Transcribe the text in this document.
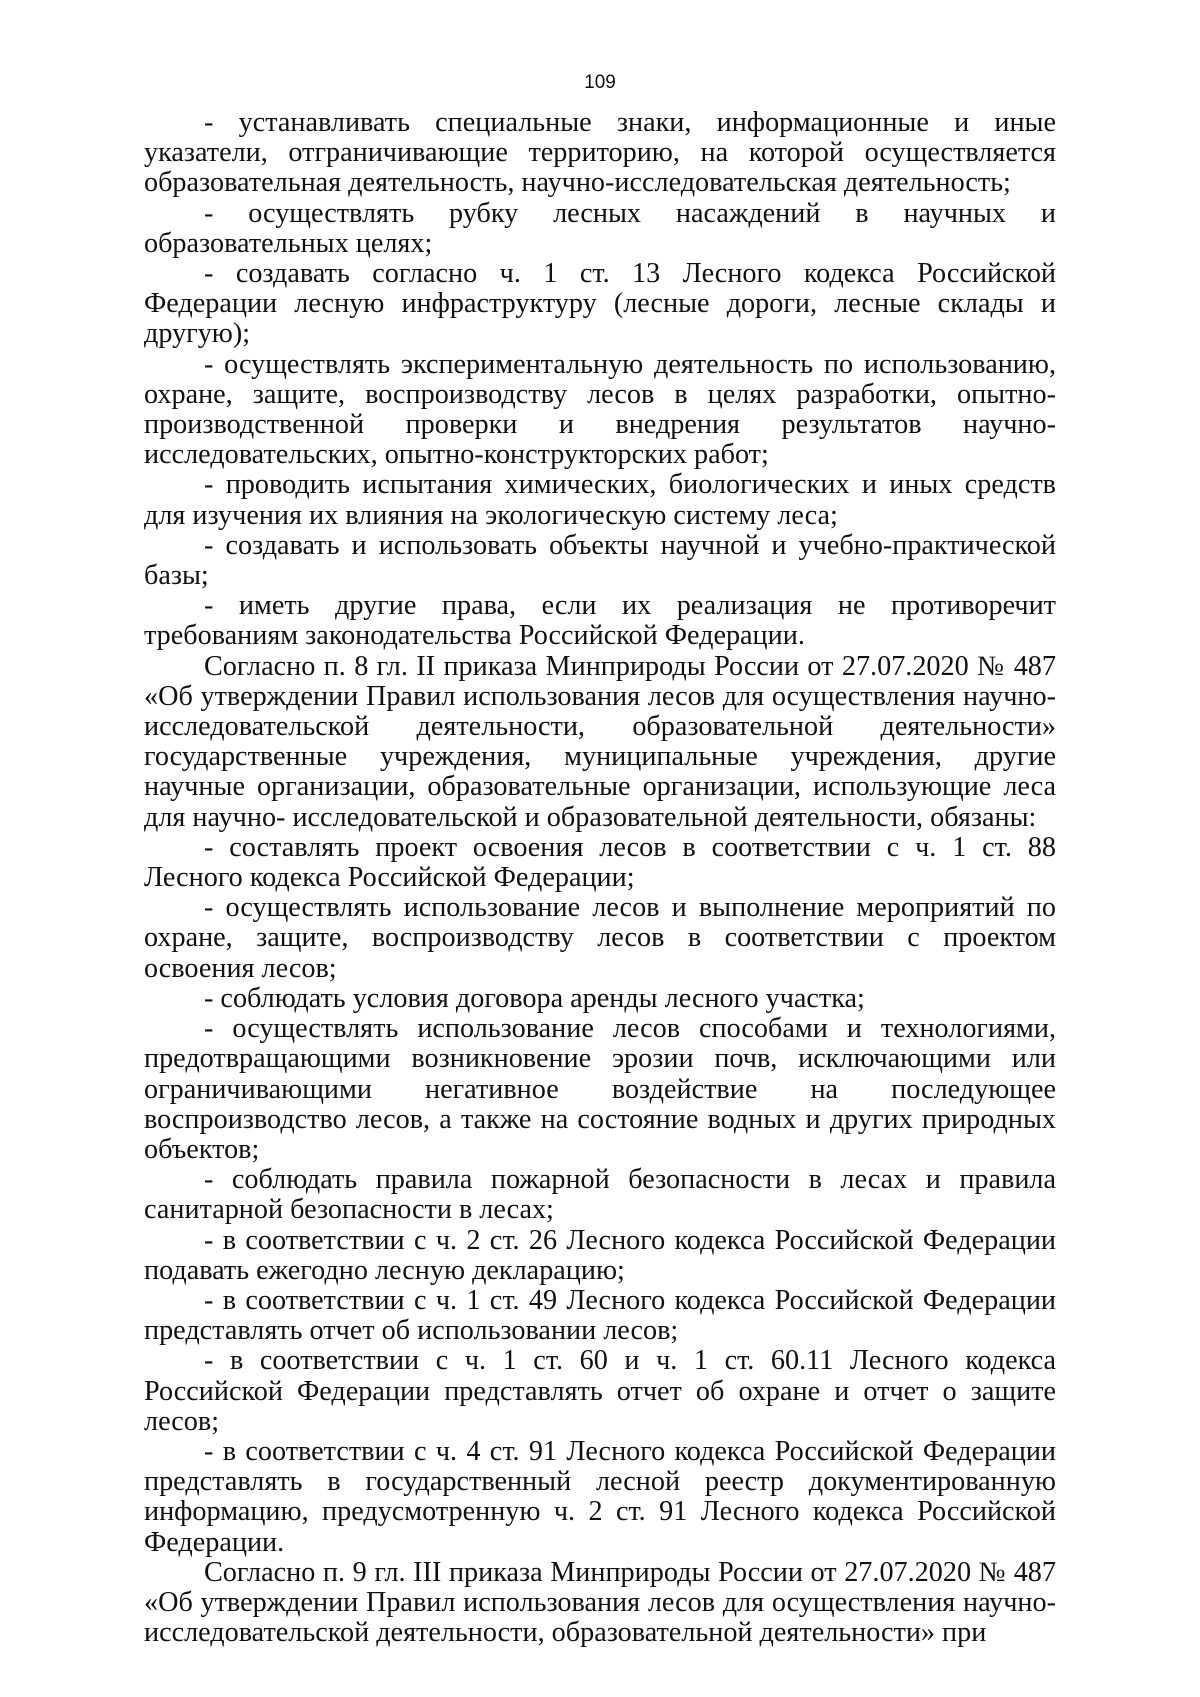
109

- устанавливать специальные знаки, информационные и иные указатели, отграничивающие территорию, на которой осуществляется образовательная деятельность, научно-исследовательская деятельность;

- осуществлять рубку лесных насаждений в научных и образовательных целях;

- создавать согласно ч. 1 ст. 13 Лесного кодекса Российской Федерации лесную инфраструктуру (лесные дороги, лесные склады и другую);

- осуществлять экспериментальную деятельность по использованию, охране, защите, воспроизводству лесов в целях разработки, опытно-производственной проверки и внедрения результатов научно-исследовательских, опытно-конструкторских работ;

- проводить испытания химических, биологических и иных средств для изучения их влияния на экологическую систему леса;

- создавать и использовать объекты научной и учебно-практической базы;

- иметь другие права, если их реализация не противоречит требованиям законодательства Российской Федерации.

Согласно п. 8 гл. II приказа Минприроды России от 27.07.2020 № 487 «Об утверждении Правил использования лесов для осуществления научно-исследовательской деятельности, образовательной деятельности» государственные учреждения, муниципальные учреждения, другие научные организации, образовательные организации, использующие леса для научно- исследовательской и образовательной деятельности, обязаны:

- составлять проект освоения лесов в соответствии с ч. 1 ст. 88 Лесного кодекса Российской Федерации;

- осуществлять использование лесов и выполнение мероприятий по охране, защите, воспроизводству лесов в соответствии с проектом освоения лесов;

- соблюдать условия договора аренды лесного участка;

- осуществлять использование лесов способами и технологиями, предотвращающими возникновение эрозии почв, исключающими или ограничивающими негативное воздействие на последующее воспроизводство лесов, а также на состояние водных и других природных объектов;

- соблюдать правила пожарной безопасности в лесах и правила санитарной безопасности в лесах;

- в соответствии с ч. 2 ст. 26 Лесного кодекса Российской Федерации подавать ежегодно лесную декларацию;

- в соответствии с ч. 1 ст. 49 Лесного кодекса Российской Федерации представлять отчет об использовании лесов;

- в соответствии с ч. 1 ст. 60 и ч. 1 ст. 60.11 Лесного кодекса Российской Федерации представлять отчет об охране и отчет о защите лесов;

- в соответствии с ч. 4 ст. 91 Лесного кодекса Российской Федерации представлять в государственный лесной реестр документированную информацию, предусмотренную ч. 2 ст. 91 Лесного кодекса Российской Федерации.

Согласно п. 9 гл. III приказа Минприроды России от 27.07.2020 № 487 «Об утверждении Правил использования лесов для осуществления научно-исследовательской деятельности, образовательной деятельности» при
